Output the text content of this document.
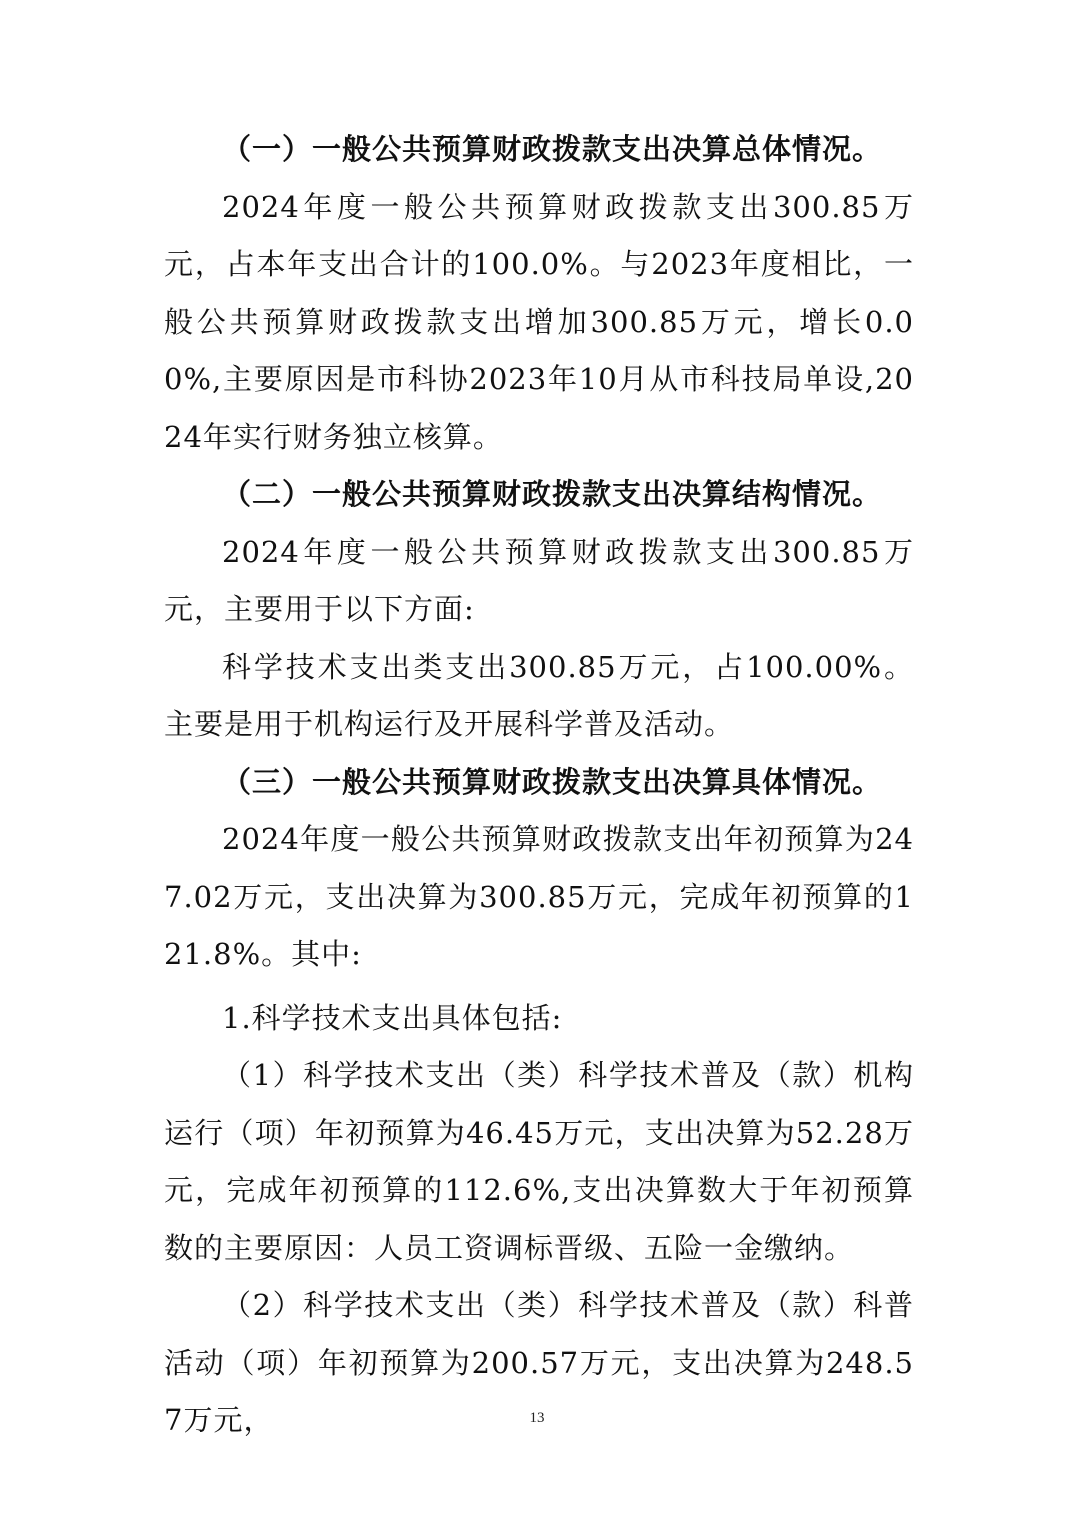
（一）一般公共预算财政拨款支出决算总体情况。

2024年度一般公共预算财政拨款支出300.85万元，占本年支出合计的100.0%。与2023年度相比，一般公共预算财政拨款支出增加300.85万元，增长0.00%,主要原因是市科协2023年10月从市科技局单设,2024年实行财务独立核算。

（二）一般公共预算财政拨款支出决算结构情况。

2024年度一般公共预算财政拨款支出300.85万元，主要用于以下方面:

科学技术支出类支出300.85万元，占100.00%。主要是用于机构运行及开展科学普及活动。

（三）一般公共预算财政拨款支出决算具体情况。

2024年度一般公共预算财政拨款支出年初预算为247.02万元，支出决算为300.85万元，完成年初预算的121.8%。其中:

1.科学技术支出具体包括:

（1）科学技术支出（类）科学技术普及（款）机构运行（项）年初预算为46.45万元，支出决算为52.28万元，完成年初预算的112.6%,支出决算数大于年初预算数的主要原因：人员工资调标晋级、五险一金缴纳。

（2）科学技术支出（类）科学技术普及（款）科普活动（项）年初预算为200.57万元，支出决算为248.57万元，	13
